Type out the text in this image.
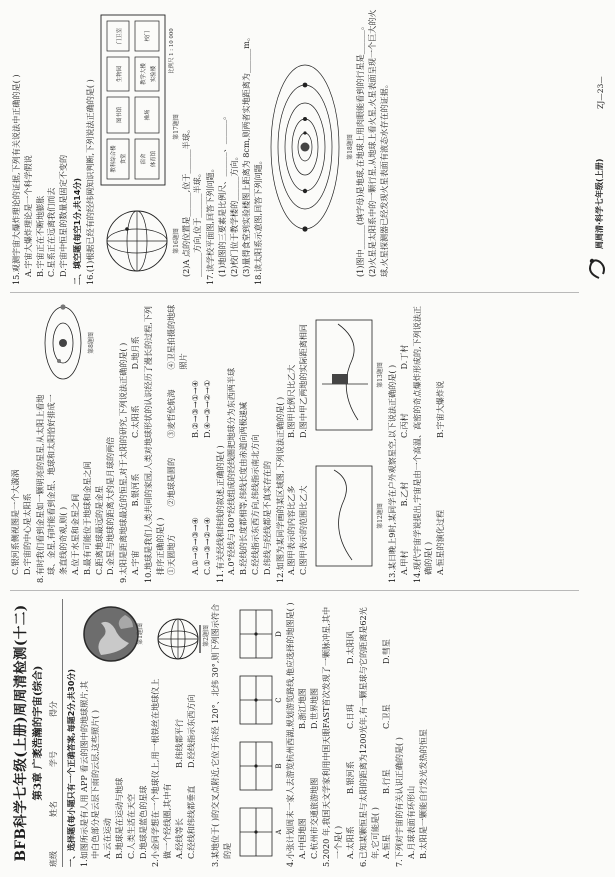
BFB科学七年级(上册)周周清检测(十二) 第3章 广袤浩瀚的宇宙(综合)

班级
姓名
学号
得分 一、选择题(每小题只有一个正确答案,每题2分,共30分)

第1题图

1.如图所示是有人用 APP 看云的图中的地球照片,其中白色部分是云层下雨的云层,这些照片( ) A.云在运动 B.地球是在运动与地球 C.人类生活在天空 D.地球是蓝色的星球

第2题图

2.小金同学想在一个地球仪上,用一根铁丝在地球仪上做一个经线圈,其中有 A.经线等长

B.纬线都平行

C.经线和纬线都垂直

D.经线指示东西方向 3.某地位于( )的交叉点附近,它位于东经 120°、北纬 30°,则下列图示符合的是

A
B
C
D 4.小张计划周末一家人去游览杭州西湖,规划游览路线,他应选择的地图是( ) A.中国地图

B.浙江地图

C.杭州市交通旅游地图

D.世界地图 5.2020 年,我国天文学家利用中国天眼FAST首次发现了一颗脉冲星,其中一个是( ) A.太阳系

B.银河系

C.日珥

D.太阳风 6.已知某颗恒星与太阳的距离为1200光年,有一颗星球与它的距离是62光年,它可能是( ) A.恒星

B.行星

C.卫星

D.彗星

7.下列对宇宙的有关认识正确的是( ) A.月球表面有环形山 B.太阳是一颗能自行发光发热的恒星

C.银河系侧视图是一个大漩涡 D.宇宙的中心是太阳系

第8题图

8.有时我们看到金星如一颗明亮的星星,从太阳上看地球、金星,有时能看到金星、地球和太阳恰好排成一条直线的奇观,则( ) A.位于水星和金星之间 B.最有可能位于地球和金星之间 C.距离地球最远的是金星 D.金星与地球的距离大约是月球的两倍 9.太阳是距离地球最近的恒星,对于太阳的研究,下列说法正确的是( ) A.宇宙

B.银河系

C.太阳系

D.地月系 10.地球是我们人类共同的家园,人类对地球形状的认识经历了漫长的过程,下列排序正确的是( ) ①天圆地方

②地球是圆的

③麦哲伦航海

④卫星拍摄的地球照片

A.①→②→③→④

B.②→③→①→④

C.①→③→②→④

D.④→③→②→①

11.有关经线和纬线的叙述,正确的是( ) A.0°经线与180°经线组成的经线圈把地球分为东西两半球 B.经线的长度都相等,纬线长度由赤道向两极递减 C.经线指示东西方向,纬线指示南北方向 D.纬线与经线都是不真实存在的 12.如图为某同学画的某区域图,下列说法正确的是( ) A.图甲表示的内容比乙多

B.图甲比例尺比乙大

C.图甲表示的范围比乙大

D.图中甲乙两地的实际距离相同

第12题图
第13题图 13.某日晚上9时,某同学在户外观察星空,以下说法正确的是( ) A.甲村

B.乙村

C.丙村

D.丁村 14.现代宇宙学说提出,宇宙是由一个高温、高密的奇点爆炸形成的,下列说法正确的是( ) A.恒星的演化过程

B.宇宙大爆炸说

15.观测宇宙大爆炸理论的证据,下列有关说法中正确的是( ) A.宇宙大爆炸理论是一个科学假说 B.宇宙正在不断地膨胀 C.星系正在远离我们而去 D.宇宙中恒星的数量是固定不变的 二、填空题(每空1分,共14分) 16.(1)根据已经有的经纬网知识判断,下列说法正确的是( )	第16题图
教科综合楼 食堂	宿舍 体育馆
图书馆	操场
生物园
门卫室	校门
教学大楼 实验楼
比例尺 1 : 10 000
第17题图 (2)A 点的位置是______,位于______半球。 ______方向,位于______半球。 17.读学校平面图,回答下列问题。 (1)地图的三要素是比例尺、______、______。 (2)校门位于教学楼的______方向。 (3)量得食堂到实验楼图上距离为 8cm,则两者实地距离为______m。 18.读太阳系示意图,回答下列问题。

第18题图 (1)图中______(填字母)是地球,在地球上用肉眼能看到的行星是______。 (2)火星是太阳系中的一颗行星,从地球上看火星,火星表面呈现一个巨大的火球,火星探测器已经发现火星表面有液态水存在的证据。	周周清·科学七年级(上册)
ZJ—23—
